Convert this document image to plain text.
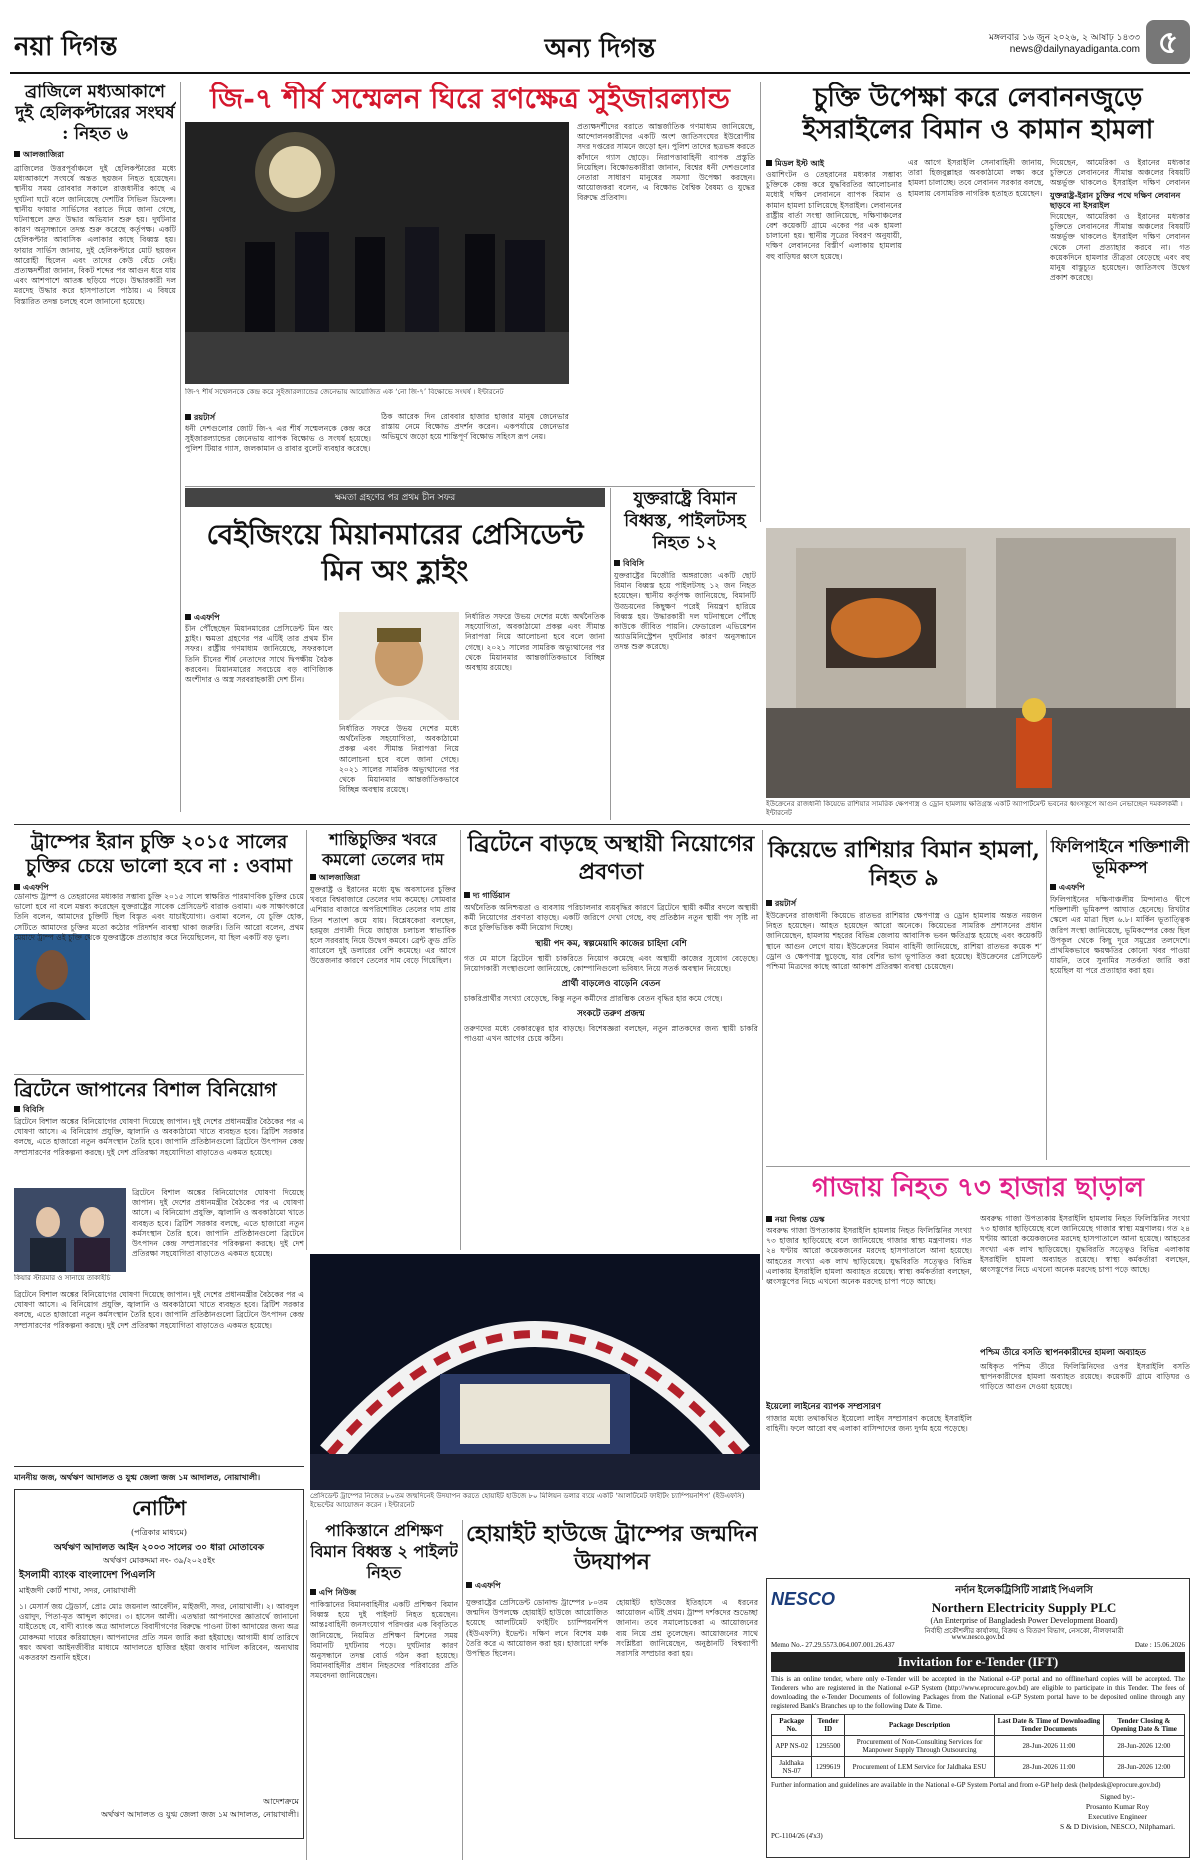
নয়া দিগন্ত	অন্য দিগন্ত	মঙ্গলবার ১৬ জুন ২০২৬, ২ আষাঢ় ১৪৩৩
news@dailynayadiganta.com ৫
ব্রাজিলে মধ্যআকাশে দুই হেলিকপ্টারের সংঘর্ষ : নিহত ৬
আলজাজিরা
ব্রাজিলের উত্তরপূর্বাঞ্চলে দুই হেলিকপ্টারের মধ্যে মধ্যআকাশে সংঘর্ষে অন্তত ছয়জন নিহত হয়েছেন। স্থানীয় সময় রোববার সকালে রাজধানীর কাছে এ দুর্ঘটনা ঘটে বলে জানিয়েছে দেশটির সিভিল ডিফেন্স। স্থানীয় ফায়ার সার্ভিসের বরাতে দিয়ে জানা গেছে, ঘটনাস্থলে দ্রুত উদ্ধার অভিযান শুরু হয়। দুর্ঘটনার কারণ অনুসন্ধানে তদন্ত শুরু করেছে কর্তৃপক্ষ। একটি হেলিকপ্টার আবাসিক এলাকার কাছে বিধ্বস্ত হয়। ফায়ার সার্ভিস জানায়, দুই হেলিকপ্টারে মোট ছয়জন আরোহী ছিলেন এবং তাদের কেউ বেঁচে নেই। প্রত্যক্ষদর্শীরা জানান, বিকট শব্দের পর আগুন ধরে যায় এবং আশপাশে আতঙ্ক ছড়িয়ে পড়ে। উদ্ধারকারী দল মরদেহ উদ্ধার করে হাসপাতালে পাঠায়। এ বিষয়ে বিস্তারিত তদন্ত চলছে বলে জানানো হয়েছে।
জি-৭ শীর্ষ সম্মেলন ঘিরে রণক্ষেত্র সুইজারল্যান্ড
জি-৭ শীর্ষ সম্মেলনকে কেন্দ্র করে সুইজারল্যান্ডের জেনেভায় আয়োজিত এক ‘নো জি-৭’ বিক্ষোভে সংঘর্ষ । ইন্টারনেট
রয়টার্স
ধনী দেশগুলোর জোট জি-৭ এর শীর্ষ সম্মেলনকে কেন্দ্র করে সুইজারল্যান্ডের জেনেভায় ব্যাপক বিক্ষোভ ও সংঘর্ষ হয়েছে। পুলিশ টিয়ার গ্যাস, জলকামান ও রাবার বুলেট ব্যবহার করেছে।
ঠিক আরেক দিন রোববার হাজার হাজার মানুষ জেনেভার রাস্তায় নেমে বিক্ষোভ প্রদর্শন করেন। একপর্যায়ে জেনেভার অভিমুখে জড়ো হয়ে শান্তিপূর্ণ বিক্ষোভ সহিংস রূপ নেয়।
প্রত্যক্ষদর্শীদের বরাতে আন্তর্জাতিক গণমাধ্যম জানিয়েছে, আন্দোলনকারীদের একটি অংশ জাতিসংঘের ইউরোপীয় সদর দপ্তরের সামনে জড়ো হন। পুলিশ তাদের ছত্রভঙ্গ করতে কাঁদানে গ্যাস ছোড়ে। নিরাপত্তাবাহিনী ব্যাপক প্রস্তুতি নিয়েছিল। বিক্ষোভকারীরা জানান, বিশ্বের ধনী দেশগুলোর নেতারা সাধারণ মানুষের সমস্যা উপেক্ষা করছেন। আয়োজকরা বলেন, এ বিক্ষোভ বৈশ্বিক বৈষম্য ও যুদ্ধের বিরুদ্ধে প্রতিবাদ।
চুক্তি উপেক্ষা করে লেবাননজুড়ে ইসরাইলের বিমান ও কামান হামলা
মিডল ইস্ট আই
ওয়াশিংটন ও তেহরানের মধ্যকার সম্ভাব্য চুক্তিকে কেন্দ্র করে যুদ্ধবিরতির আলোচনার মধ্যেই দক্ষিণ লেবাননে ব্যাপক বিমান ও কামান হামলা চালিয়েছে ইসরাইল। লেবাননের রাষ্ট্রীয় বার্তা সংস্থা জানিয়েছে, দক্ষিণাঞ্চলের বেশ কয়েকটি গ্রামে একের পর এক হামলা চালানো হয়। স্থানীয় সূত্রের বিবরণ অনুযায়ী, দক্ষিণ লেবাননের বিস্তীর্ণ এলাকায় হামলায় বহু বাড়িঘর ধ্বংস হয়েছে।
এর আগে ইসরাইলি সেনাবাহিনী জানায়, তারা হিজবুল্লাহর অবকাঠামো লক্ষ্য করে হামলা চালাচ্ছে। তবে লেবানন সরকার বলছে, হামলায় বেসামরিক নাগরিক হতাহত হয়েছেন।
দিয়েছেন, আমেরিকা ও ইরানের মধ্যকার চুক্তিতে লেবাননের সীমান্ত অঞ্চলের বিষয়টি অন্তর্ভুক্ত থাকলেও ইসরাইল দক্ষিণ লেবানন
যুক্তরাষ্ট্র-ইরান চুক্তির পথে দক্ষিণ লেবানন ছাড়বে না ইসরাইল
দিয়েছেন, আমেরিকা ও ইরানের মধ্যকার চুক্তিতে লেবাননের সীমান্ত অঞ্চলের বিষয়টি অন্তর্ভুক্ত থাকলেও ইসরাইল দক্ষিণ লেবানন থেকে সেনা প্রত্যাহার করবে না। গত কয়েকদিনে হামলার তীব্রতা বেড়েছে এবং বহু মানুষ বাস্তুচ্যুত হয়েছেন। জাতিসংঘ উদ্বেগ প্রকাশ করেছে।
ক্ষমতা গ্রহণের পর প্রথম চীন সফর
বেইজিংয়ে মিয়ানমারের প্রেসিডেন্ট মিন অং হ্লাইং
এএফপি
চীন পৌঁছেছেন মিয়ানমারের প্রেসিডেন্ট মিন অং হ্লাইং। ক্ষমতা গ্রহণের পর এটিই তার প্রথম চীন সফর। রাষ্ট্রীয় গণমাধ্যম জানিয়েছে, সফরকালে তিনি চীনের শীর্ষ নেতাদের সাথে দ্বিপক্ষীয় বৈঠক করবেন। মিয়ানমারের সবচেয়ে বড় বাণিজ্যিক অংশীদার ও অস্ত্র সরবরাহকারী দেশ চীন।
নির্ধারিত সফরে উভয় দেশের মধ্যে অর্থনৈতিক সহযোগিতা, অবকাঠামো প্রকল্প এবং সীমান্ত নিরাপত্তা নিয়ে আলোচনা হবে বলে জানা গেছে। ২০২১ সালের সামরিক অভ্যুত্থানের পর থেকে মিয়ানমার আন্তর্জাতিকভাবে বিচ্ছিন্ন অবস্থায় রয়েছে।
নির্ধারিত সফরে উভয় দেশের মধ্যে অর্থনৈতিক সহযোগিতা, অবকাঠামো প্রকল্প এবং সীমান্ত নিরাপত্তা নিয়ে আলোচনা হবে বলে জানা গেছে। ২০২১ সালের সামরিক অভ্যুত্থানের পর থেকে মিয়ানমার আন্তর্জাতিকভাবে বিচ্ছিন্ন অবস্থায় রয়েছে।
যুক্তরাষ্ট্রে বিমান বিধ্বস্ত, পাইলটসহ নিহত ১২
বিবিসি
যুক্তরাষ্ট্রের মিজৌরি অঙ্গরাজ্যে একটি ছোট বিমান বিধ্বস্ত হয়ে পাইলটসহ ১২ জন নিহত হয়েছেন। স্থানীয় কর্তৃপক্ষ জানিয়েছে, বিমানটি উড্ডয়নের কিছুক্ষণ পরেই নিয়ন্ত্রণ হারিয়ে বিধ্বস্ত হয়। উদ্ধারকারী দল ঘটনাস্থলে পৌঁছে কাউকে জীবিত পায়নি। ফেডারেল এভিয়েশন অ্যাডমিনিস্ট্রেশন দুর্ঘটনার কারণ অনুসন্ধানে তদন্ত শুরু করেছে।
ইউক্রেনের রাজধানী কিয়েভে রাশিয়ার সামরিক ক্ষেপণাস্ত্র ও ড্রোন হামলায় ক্ষতিগ্রস্ত একটি অ্যাপার্টমেন্ট ভবনের ধ্বংসস্তূপে আগুন নেভাচ্ছেন দমকলকর্মী । ইন্টারনেট
ট্রাম্পের ইরান চুক্তি ২০১৫ সালের চুক্তির চেয়ে ভালো হবে না : ওবামা
এএফপি
ডোনাল্ড ট্রাম্প ও তেহরানের মধ্যকার সম্ভাব্য চুক্তি ২০১৫ সালে স্বাক্ষরিত পারমাণবিক চুক্তির চেয়ে ভালো হবে না বলে মন্তব্য করেছেন যুক্তরাষ্ট্রের সাবেক প্রেসিডেন্ট বারাক ওবামা। এক সাক্ষাৎকারে তিনি বলেন, আমাদের চুক্তিটি ছিল বিস্তৃত এবং যাচাইযোগ্য। ওবামা বলেন, যে চুক্তি হোক, সেটিতে আমাদের চুক্তির মতো কঠোর পরিদর্শন ব্যবস্থা থাকা জরুরি। তিনি আরো বলেন, প্রথম মেয়াদে ট্রাম্প ওই চুক্তি থেকে যুক্তরাষ্ট্রকে প্রত্যাহার করে নিয়েছিলেন, যা ছিল একটি বড় ভুল।
ব্রিটেনে জাপানের বিশাল বিনিয়োগ
বিবিসি
ব্রিটেনে বিশাল অঙ্কের বিনিয়োগের ঘোষণা দিয়েছে জাপান। দুই দেশের প্রধানমন্ত্রীর বৈঠকের পর এ ঘোষণা আসে। এ বিনিয়োগ প্রযুক্তি, জ্বালানি ও অবকাঠামো খাতে ব্যবহৃত হবে। ব্রিটিশ সরকার বলছে, এতে হাজারো নতুন কর্মসংস্থান তৈরি হবে। জাপানি প্রতিষ্ঠানগুলো ব্রিটেনে উৎপাদন কেন্দ্র সম্প্রসারণের পরিকল্পনা করছে। দুই দেশ প্রতিরক্ষা সহযোগিতা বাড়াতেও একমত হয়েছে।
কিয়ার স্টারমার ও সানায়ে তাকাইচি
ব্রিটেনে বিশাল অঙ্কের বিনিয়োগের ঘোষণা দিয়েছে জাপান। দুই দেশের প্রধানমন্ত্রীর বৈঠকের পর এ ঘোষণা আসে। এ বিনিয়োগ প্রযুক্তি, জ্বালানি ও অবকাঠামো খাতে ব্যবহৃত হবে। ব্রিটিশ সরকার বলছে, এতে হাজারো নতুন কর্মসংস্থান তৈরি হবে। জাপানি প্রতিষ্ঠানগুলো ব্রিটেনে উৎপাদন কেন্দ্র সম্প্রসারণের পরিকল্পনা করছে। দুই দেশ প্রতিরক্ষা সহযোগিতা বাড়াতেও একমত হয়েছে।
ব্রিটেনে বিশাল অঙ্কের বিনিয়োগের ঘোষণা দিয়েছে জাপান। দুই দেশের প্রধানমন্ত্রীর বৈঠকের পর এ ঘোষণা আসে। এ বিনিয়োগ প্রযুক্তি, জ্বালানি ও অবকাঠামো খাতে ব্যবহৃত হবে। ব্রিটিশ সরকার বলছে, এতে হাজারো নতুন কর্মসংস্থান তৈরি হবে। জাপানি প্রতিষ্ঠানগুলো ব্রিটেনে উৎপাদন কেন্দ্র সম্প্রসারণের পরিকল্পনা করছে। দুই দেশ প্রতিরক্ষা সহযোগিতা বাড়াতেও একমত হয়েছে।
শান্তিচুক্তির খবরে কমলো তেলের দাম
আলজাজিরা
যুক্তরাষ্ট্র ও ইরানের মধ্যে যুদ্ধ অবসানের চুক্তির খবরে বিশ্ববাজারে তেলের দাম কমেছে। সোমবার এশিয়ার বাজারে অপরিশোধিত তেলের দাম প্রায় তিন শতাংশ কমে যায়। বিশ্লেষকেরা বলছেন, হরমুজ প্রণালী দিয়ে জাহাজ চলাচল স্বাভাবিক হলে সরবরাহ নিয়ে উদ্বেগ কমবে। ব্রেন্ট ক্রুড প্রতি ব্যারেলে দুই ডলারের বেশি কমেছে। এর আগে উত্তেজনার কারণে তেলের দাম বেড়ে গিয়েছিল।
ব্রিটেনে বাড়ছে অস্থায়ী নিয়োগের প্রবণতা
দ্য গার্ডিয়ান
অর্থনৈতিক অনিশ্চয়তা ও ব্যবসায় পরিচালনার ব্যয়বৃদ্ধির কারণে ব্রিটেনে স্থায়ী কর্মীর বদলে অস্থায়ী কর্মী নিয়োগের প্রবণতা বাড়ছে। একটি জরিপে দেখা গেছে, বহু প্রতিষ্ঠান নতুন স্থায়ী পদ সৃষ্টি না করে চুক্তিভিত্তিক কর্মী নিয়োগ দিচ্ছে।
স্থায়ী পদ কম, স্বল্পমেয়াদি কাজের চাহিদা বেশি
গত মে মাসে ব্রিটেনে স্থায়ী চাকরিতে নিয়োগ কমেছে এবং অস্থায়ী কাজের সুযোগ বেড়েছে। নিয়োগকারী সংস্থাগুলো জানিয়েছে, কোম্পানিগুলো ভবিষ্যৎ নিয়ে সতর্ক অবস্থান নিয়েছে।
প্রার্থী বাড়লেও বাড়েনি বেতন
চাকরিপ্রার্থীর সংখ্যা বেড়েছে, কিন্তু নতুন কর্মীদের প্রারম্ভিক বেতন বৃদ্ধির হার কমে গেছে।
সংকটে তরুণ প্রজন্ম
তরুণদের মধ্যে বেকারত্বের হার বাড়ছে। বিশেষজ্ঞরা বলছেন, নতুন স্নাতকদের জন্য স্থায়ী চাকরি পাওয়া এখন আগের চেয়ে কঠিন।
কিয়েভে রাশিয়ার বিমান হামলা, নিহত ৯
রয়টার্স
ইউক্রেনের রাজধানী কিয়েভে রাতভর রাশিয়ার ক্ষেপণাস্ত্র ও ড্রোন হামলায় অন্তত নয়জন নিহত হয়েছেন। আহত হয়েছেন আরো অনেকে। কিয়েভের সামরিক প্রশাসনের প্রধান জানিয়েছেন, হামলায় শহরের বিভিন্ন জেলায় আবাসিক ভবন ক্ষতিগ্রস্ত হয়েছে এবং কয়েকটি স্থানে আগুন লেগে যায়। ইউক্রেনের বিমান বাহিনী জানিয়েছে, রাশিয়া রাতভর কয়েক শ’ ড্রোন ও ক্ষেপণাস্ত্র ছুড়েছে, যার বেশির ভাগ ভূপাতিত করা হয়েছে। ইউক্রেনের প্রেসিডেন্ট পশ্চিমা মিত্রদের কাছে আরো আকাশ প্রতিরক্ষা ব্যবস্থা চেয়েছেন।
ফিলিপাইনে শক্তিশালী ভূমিকম্প
এএফপি
ফিলিপাইনের দক্ষিণাঞ্চলীয় মিন্দানাও দ্বীপে শক্তিশালী ভূমিকম্প আঘাত হেনেছে। রিখটার স্কেলে এর মাত্রা ছিল ৬.৮। মার্কিন ভূতাত্ত্বিক জরিপ সংস্থা জানিয়েছে, ভূমিকম্পের কেন্দ্র ছিল উপকূল থেকে কিছু দূরে সমুদ্রের তলদেশে। প্রাথমিকভাবে ক্ষয়ক্ষতির কোনো খবর পাওয়া যায়নি, তবে সুনামির সতর্কতা জারি করা হয়েছিল যা পরে প্রত্যাহার করা হয়।
গাজায় নিহত ৭৩ হাজার ছাড়াল
নয়া দিগন্ত ডেস্ক
অবরুদ্ধ গাজা উপত্যকায় ইসরাইলি হামলায় নিহত ফিলিস্তিনির সংখ্যা ৭৩ হাজার ছাড়িয়েছে বলে জানিয়েছে গাজার স্বাস্থ্য মন্ত্রণালয়। গত ২৪ ঘণ্টায় আরো কয়েকজনের মরদেহ হাসপাতালে আনা হয়েছে। আহতের সংখ্যা এক লাখ ছাড়িয়েছে। যুদ্ধবিরতি সত্ত্বেও বিভিন্ন এলাকায় ইসরাইলি হামলা অব্যাহত রয়েছে। স্বাস্থ্য কর্মকর্তারা বলছেন, ধ্বংসস্তূপের নিচে এখনো অনেক মরদেহ চাপা পড়ে আছে।
ইয়েলো লাইনের ব্যাপক সম্প্রসারণ
গাজার মধ্যে তথাকথিত ইয়েলো লাইন সম্প্রসারণ করেছে ইসরাইলি বাহিনী। ফলে আরো বহু এলাকা বাসিন্দাদের জন্য দুর্গম হয়ে পড়েছে।
অবরুদ্ধ গাজা উপত্যকায় ইসরাইলি হামলায় নিহত ফিলিস্তিনির সংখ্যা ৭৩ হাজার ছাড়িয়েছে বলে জানিয়েছে গাজার স্বাস্থ্য মন্ত্রণালয়। গত ২৪ ঘণ্টায় আরো কয়েকজনের মরদেহ হাসপাতালে আনা হয়েছে। আহতের সংখ্যা এক লাখ ছাড়িয়েছে। যুদ্ধবিরতি সত্ত্বেও বিভিন্ন এলাকায় ইসরাইলি হামলা অব্যাহত রয়েছে। স্বাস্থ্য কর্মকর্তারা বলছেন, ধ্বংসস্তূপের নিচে এখনো অনেক মরদেহ চাপা পড়ে আছে।
পশ্চিম তীরে বসতি স্থাপনকারীদের হামলা অব্যাহত
অধিকৃত পশ্চিম তীরে ফিলিস্তিনিদের ওপর ইসরাইলি বসতি স্থাপনকারীদের হামলা অব্যাহত রয়েছে। কয়েকটি গ্রামে বাড়িঘর ও গাড়িতে আগুন দেওয়া হয়েছে।
প্রেসিডেন্ট ট্রাম্পের নিজের ৮০তম জন্মদিনেই উদযাপন করতে হোয়াইট হাউজে ৮০ মিলিয়ন ডলার ব্যয়ে একটি ‘আলটিমেট ফাইটিং চ্যাম্পিয়নশিপ’ (ইউএফসি) ইভেন্টের আয়োজন করেন । ইন্টারনেট
মাননীয় জজ, অর্থঋণ আদালত ও যুগ্ম জেলা জজ ১ম আদালত, নোয়াখালী।
নোটিশ
(পত্রিকার মাধ্যমে)
অর্থঋণ আদালত আইন ২০০৩ সালের ৩০ ধারা মোতাবেক
অর্থঋণ মোকদ্দমা নং- ৩৯/২০২৫ইং
ইসলামী ব্যাংক বাংলাদেশ পিএলসি
মাইজদী কোর্ট শাখা, সদর, নোয়াখালী
১। মেসার্স জয় ট্রেডার্স, প্রোঃ মোঃ জয়নাল আবেদীন, মাইজদী, সদর, নোয়াখালী। ২। আবদুল ওয়াদুদ, পিতা-মৃত আব্দুল কাদের। ৩। হাসেন আলী। এতদ্বারা আপনাদের জ্ঞাতার্থে জানানো যাইতেছে যে, বাদী ব্যাংক অত্র আদালতে বিবাদীগণের বিরুদ্ধে পাওনা টাকা আদায়ের জন্য অত্র মোকদ্দমা দায়ের করিয়াছেন। আপনাদের প্রতি সমন জারি করা হইয়াছে। আগামী ধার্য তারিখে স্বয়ং অথবা আইনজীবীর মাধ্যমে আদালতে হাজির হইয়া জবাব দাখিল করিবেন, অন্যথায় একতরফা শুনানি হইবে।
আদেশক্রমে
অর্থঋণ আদালত ও যুগ্ম জেলা জজ ১ম আদালত, নোয়াখালী।
পাকিস্তানে প্রশিক্ষণ বিমান বিধ্বস্ত ২ পাইলট নিহত
এপি নিউজ
পাকিস্তানের বিমানবাহিনীর একটি প্রশিক্ষণ বিমান বিধ্বস্ত হয়ে দুই পাইলট নিহত হয়েছেন। আন্তঃবাহিনী জনসংযোগ পরিদপ্তর এক বিবৃতিতে জানিয়েছে, নিয়মিত প্রশিক্ষণ মিশনের সময় বিমানটি দুর্ঘটনায় পড়ে। দুর্ঘটনার কারণ অনুসন্ধানে তদন্ত বোর্ড গঠন করা হয়েছে। বিমানবাহিনীর প্রধান নিহতদের পরিবারের প্রতি সমবেদনা জানিয়েছেন।
হোয়াইট হাউজে ট্রাম্পের জন্মদিন উদযাপন
এএফপি
যুক্তরাষ্ট্রের প্রেসিডেন্ট ডোনাল্ড ট্রাম্পের ৮০তম জন্মদিন উপলক্ষে হোয়াইট হাউজে আয়োজিত হয়েছে আলটিমেট ফাইটিং চ্যাম্পিয়নশিপ (ইউএফসি) ইভেন্ট। দক্ষিণ লনে বিশেষ মঞ্চ তৈরি করে এ আয়োজন করা হয়। হাজারো দর্শক উপস্থিত ছিলেন।
হোয়াইট হাউজের ইতিহাসে এ ধরনের আয়োজন এটিই প্রথম। ট্রাম্প দর্শকদের শুভেচ্ছা জানান। তবে সমালোচকেরা এ আয়োজনের ব্যয় নিয়ে প্রশ্ন তুলেছেন। আয়োজনের সাথে সংশ্লিষ্টরা জানিয়েছেন, অনুষ্ঠানটি বিশ্বব্যাপী সরাসরি সম্প্রচার করা হয়।
NESCO	নর্দান ইলেকট্রিসিটি সাপ্লাই পিএলসি
Northern Electricity Supply PLC
(An Enterprise of Bangladesh Power Development Board)
নির্বাহী প্রকৌশলীর কার্যালয়, বিক্রয় ও বিতরণ বিভাগ, নেসকো, নীলফামারী
www.nesco.gov.bd
Memo No.- 27.29.5573.064.007.001.26.437	Date : 15.06.2026
Invitation for e-Tender (IFT)
This is an online tender, where only e-Tender will be accepted in the National e-GP portal and no offline/hard copies will be accepted. The Tenderers who are registered in the National e-GP System (http://www.eprocure.gov.bd) are eligible to participate in this Tender. The fees of downloading the e-Tender Documents of following Packages from the National e-GP System portal have to be deposited online through any registered Bank's Branches up to the following Date & Time.
Package No.	Tender ID	Package Description	Last Date & Time of Downloading Tender Documents	Tender Closing & Opening Date & Time
APP NS-02	1295500	Procurement of Non-Consulting Services for Manpower Supply Through Outsourcing	28-Jun-2026 11:00	28-Jun-2026 12:00
Jaldhaka NS-07	1299619	Procurement of LEM Service for Jaldhaka ESU	28-Jun-2026 11:00	28-Jun-2026 12:00
Further information and guidelines are available in the National e-GP System Portal and from e-GP help desk (helpdesk@eprocure.gov.bd)
Signed by:-
Prosanto Kumar Roy
Executive Engineer
S & D Division, NESCO, Nilphamari.
PC-1104/26 (4'x3)
